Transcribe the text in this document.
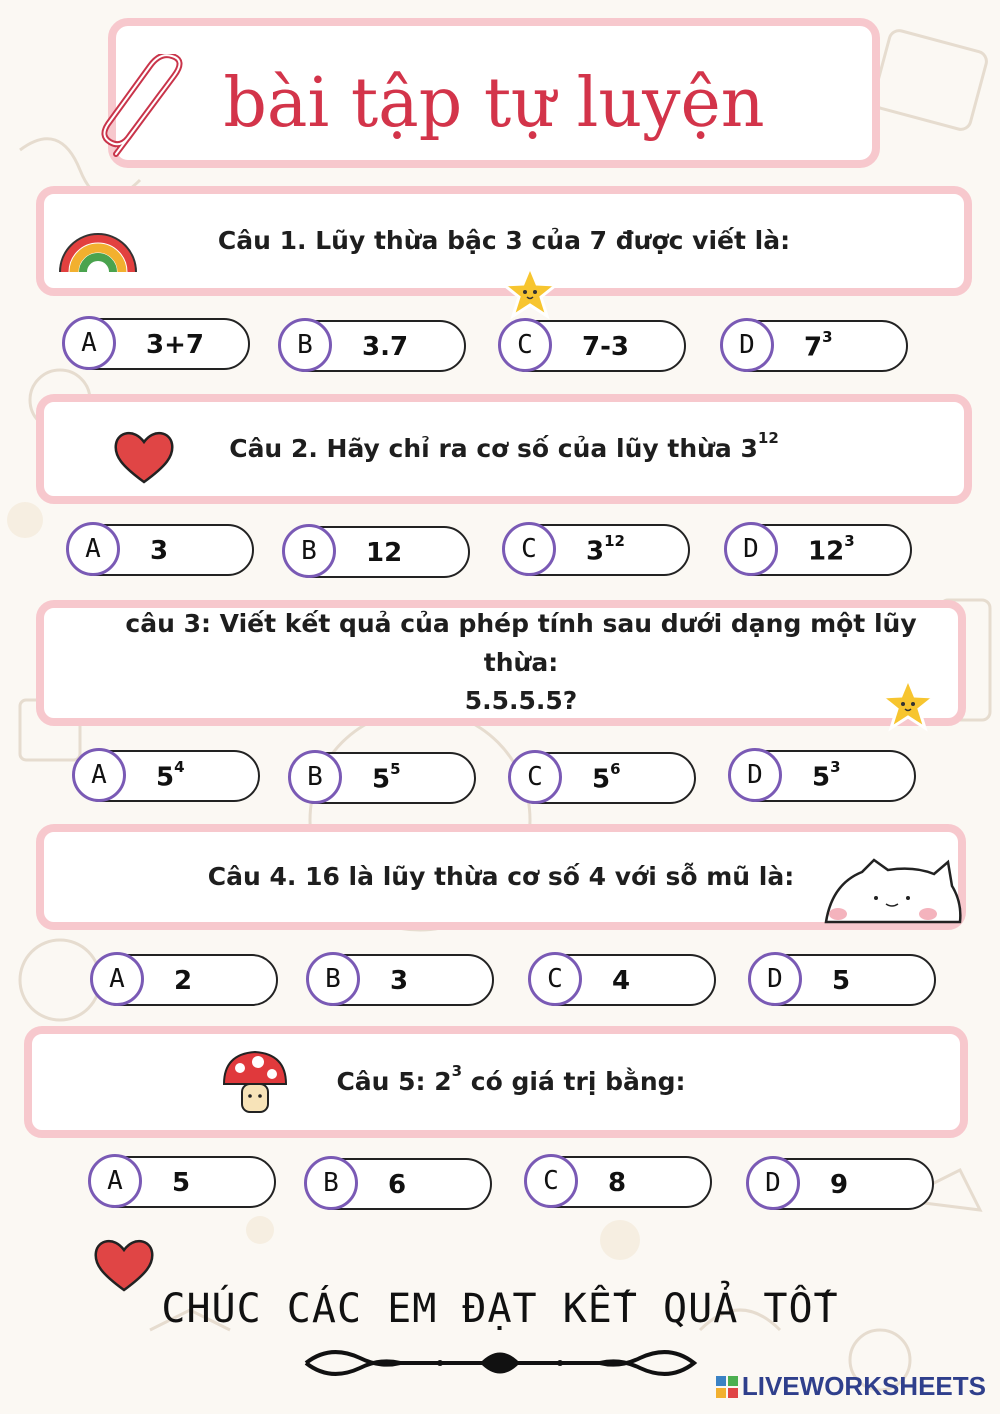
bài tập tự luyện
Câu 1. Lũy thừa bậc 3 của 7 được viết là:
A	3+7	B	3.7	C	7-3	D	$7^3$
Câu 2. Hãy chỉ ra cơ số của lũy thừa $3^{12}$
A	3	B	12	C	$3^{12}$	D	$12^3$
câu 3: Viết kết quả của phép tính sau dưới dạng một lũy thừa:
5.5.5.5?
A	$5^4$	B	$5^5$	C	$5^6$	D	$5^3$
Câu 4. 16 là lũy thừa cơ số 4 với sỗ mũ là:
A	2	B	3	C	4	D	5
Câu 5: $2^3$ có giá trị bằng:
A	5	B	6	C	8	D	9
CHÚC CÁC EM ĐẠT KẾT QUẢ TỐT
LIVEWORKSHEETS
